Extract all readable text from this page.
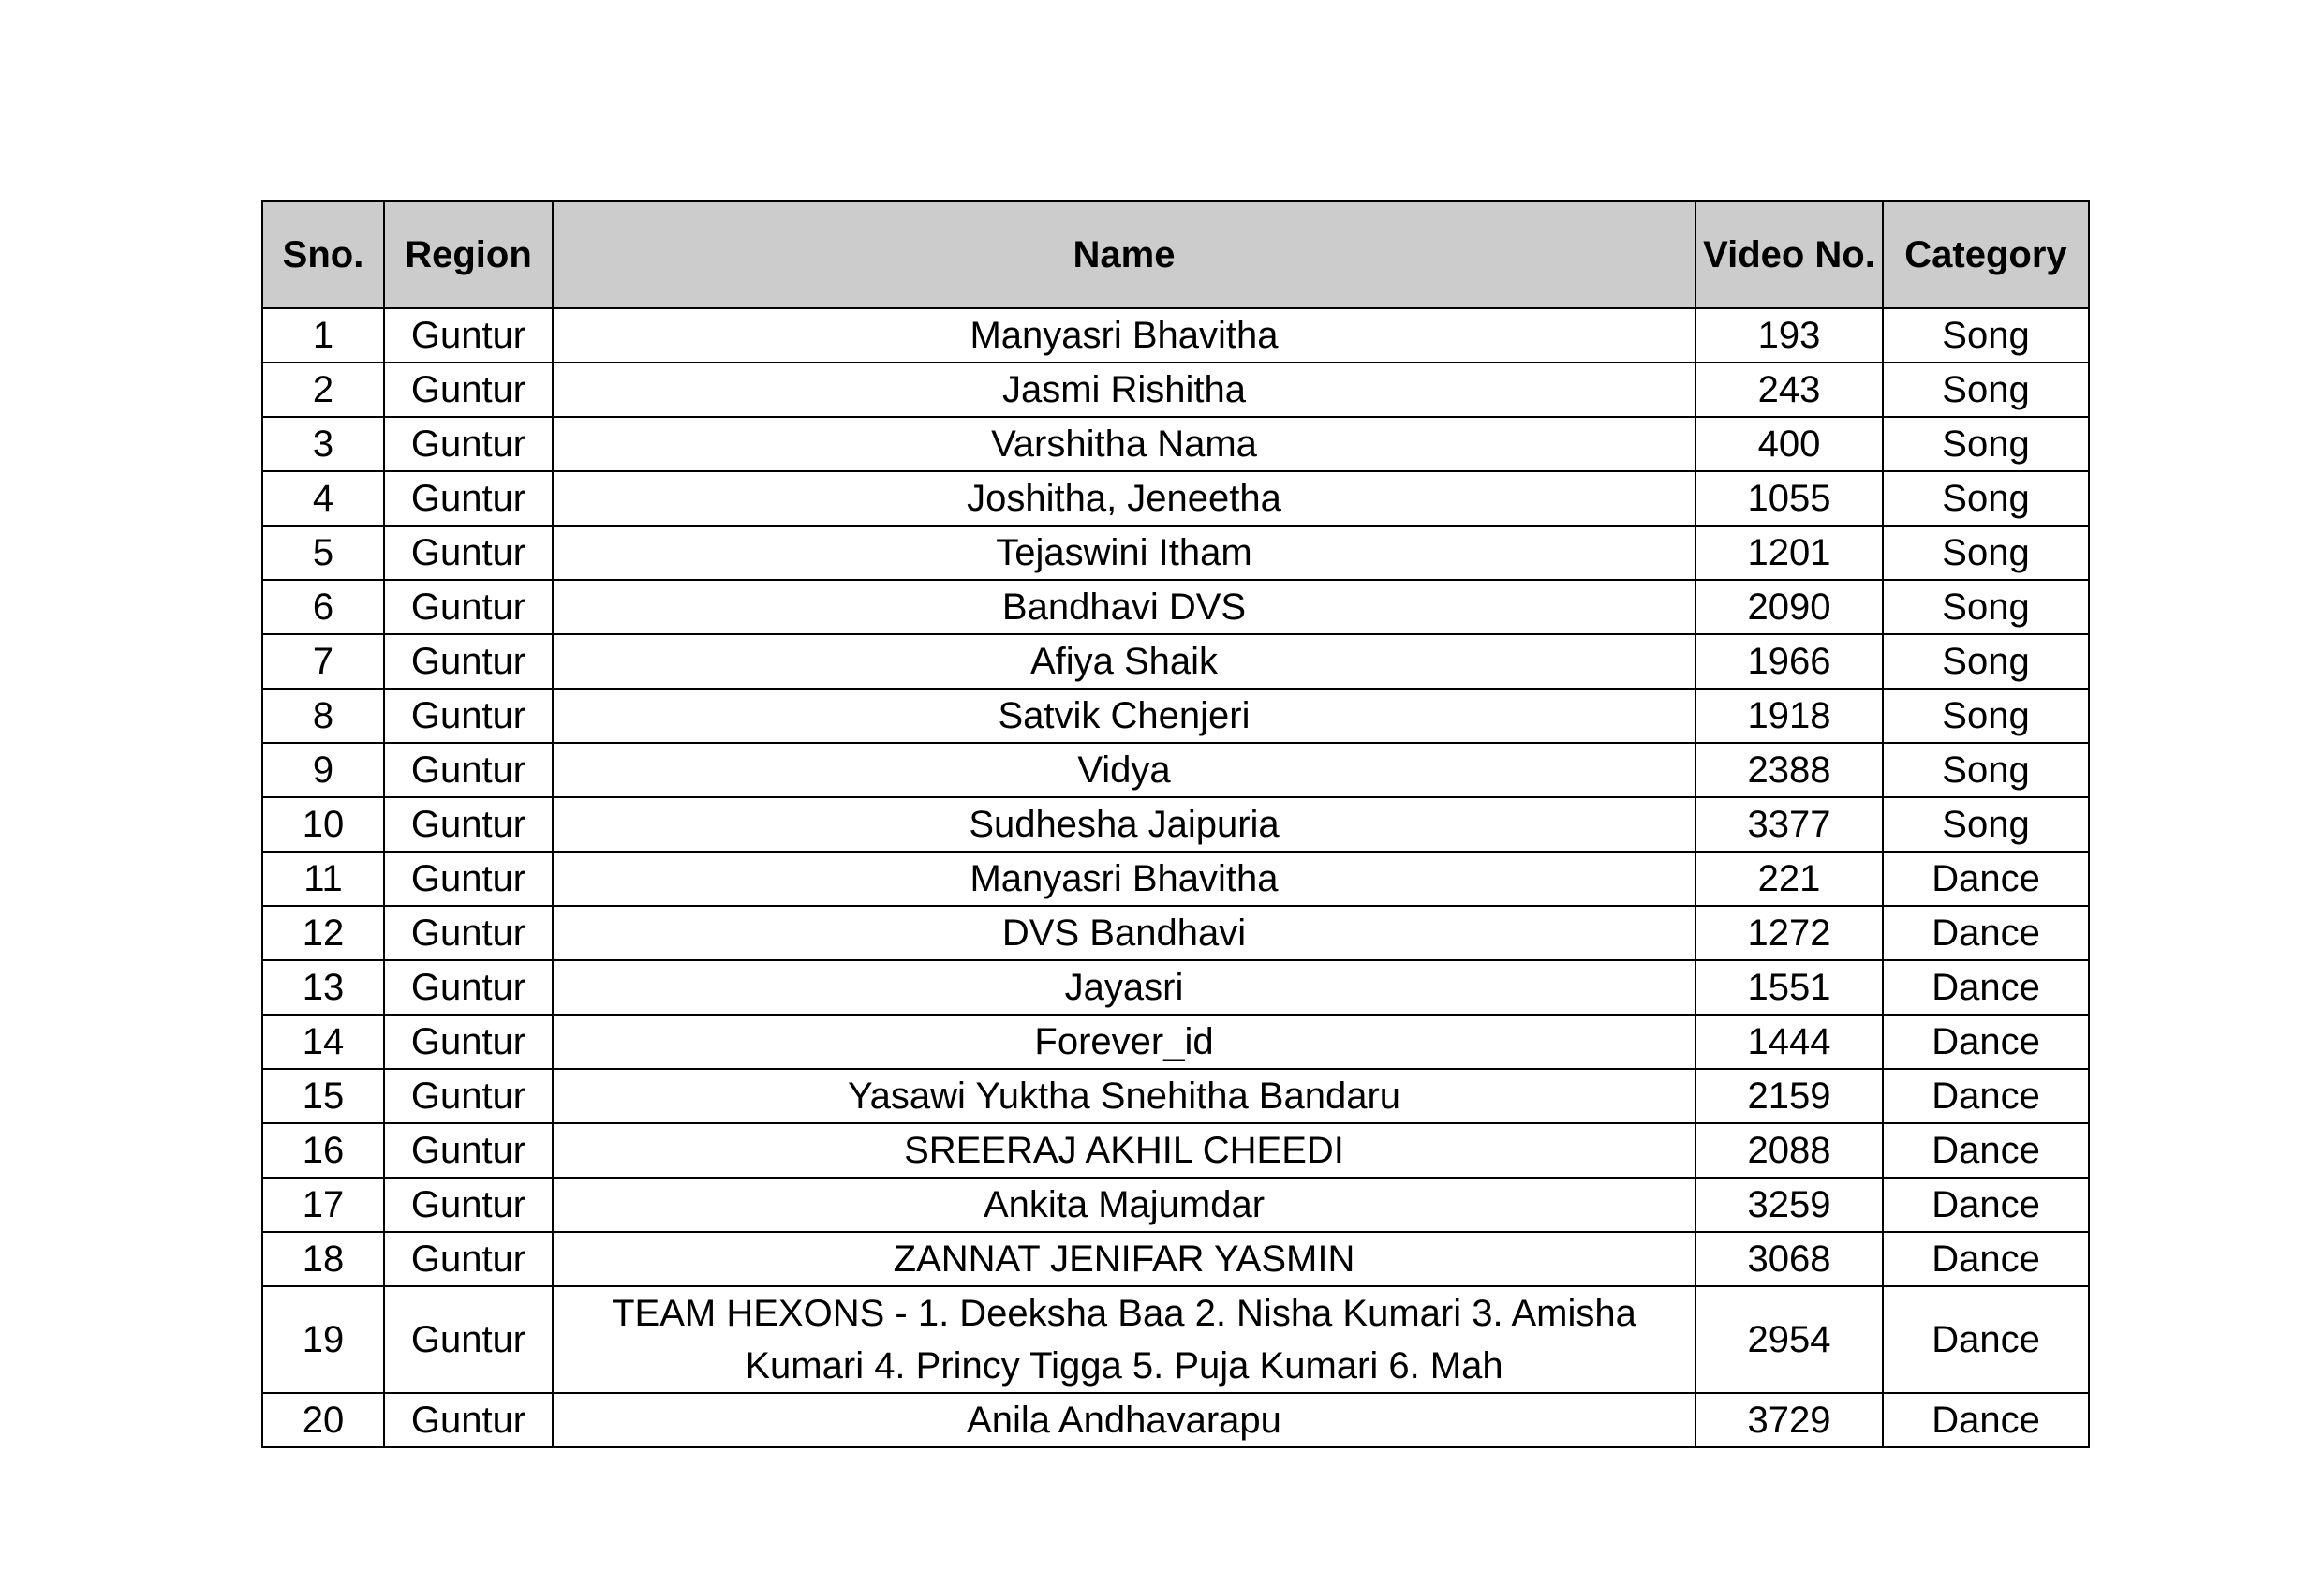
Sno.	Region	Name	Video No.	Category
1	Guntur	Manyasri Bhavitha	193	Song
2	Guntur	Jasmi Rishitha	243	Song
3	Guntur	Varshitha Nama	400	Song
4	Guntur	Joshitha, Jeneetha	1055	Song
5	Guntur	Tejaswini Itham	1201	Song
6	Guntur	Bandhavi DVS	2090	Song
7	Guntur	Afiya Shaik	1966	Song
8	Guntur	Satvik Chenjeri	1918	Song
9	Guntur	Vidya	2388	Song
10	Guntur	Sudhesha Jaipuria	3377	Song
11	Guntur	Manyasri Bhavitha	221	Dance
12	Guntur	DVS Bandhavi	1272	Dance
13	Guntur	Jayasri	1551	Dance
14	Guntur	Forever_id	1444	Dance
15	Guntur	Yasawi Yuktha Snehitha Bandaru	2159	Dance
16	Guntur	SREERAJ AKHIL CHEEDI	2088	Dance
17	Guntur	Ankita Majumdar	3259	Dance
18	Guntur	ZANNAT JENIFAR YASMIN	3068	Dance
19	Guntur	TEAM HEXONS - 1. Deeksha Baa 2. Nisha Kumari 3. Amisha Kumari 4. Princy Tigga 5. Puja Kumari 6. Mah	2954	Dance
20	Guntur	Anila Andhavarapu	3729	Dance
